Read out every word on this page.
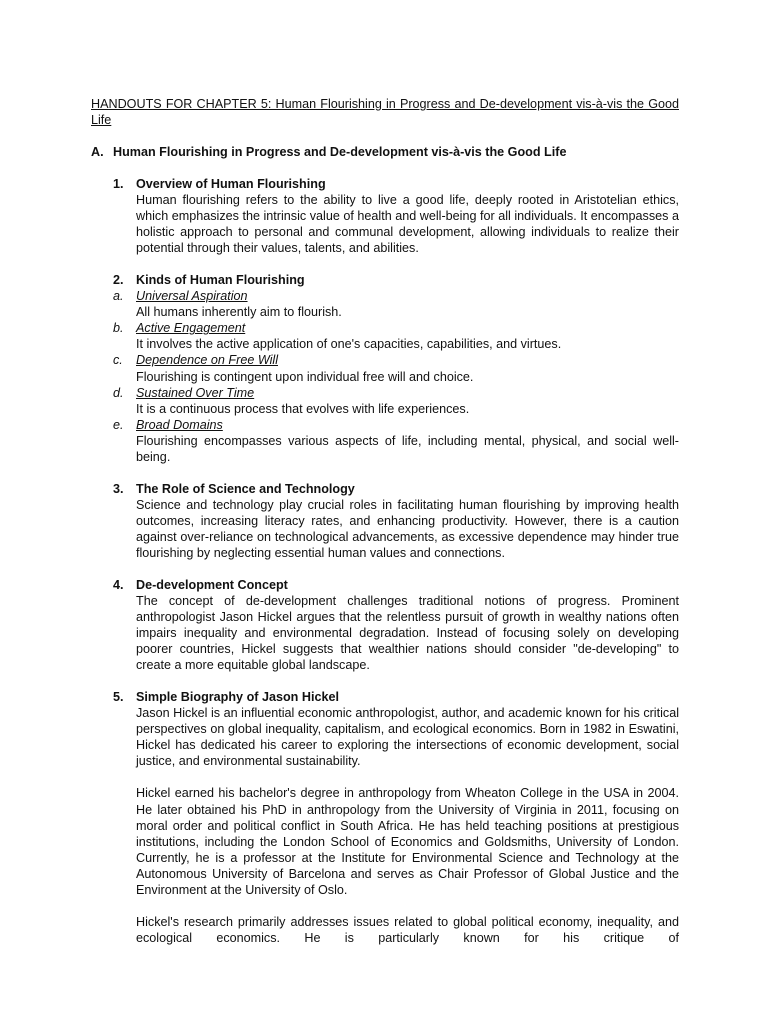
HANDOUTS FOR CHAPTER 5: Human Flourishing in Progress and De-development vis-à-vis the Good Life
A. Human Flourishing in Progress and De-development vis-à-vis the Good Life
1. Overview of Human Flourishing

Human flourishing refers to the ability to live a good life, deeply rooted in Aristotelian ethics, which emphasizes the intrinsic value of health and well-being for all individuals. It encompasses a holistic approach to personal and communal development, allowing individuals to realize their potential through their values, talents, and abilities.

2. Kinds of Human Flourishing
a. Universal Aspiration
All humans inherently aim to flourish.
b. Active Engagement
It involves the active application of one's capacities, capabilities, and virtues.
c.	Dependence on Free Will
Flourishing is contingent upon individual free will and choice.
d. Sustained Over Time
It is a continuous process that evolves with life experiences.
e. Broad Domains
Flourishing encompasses various aspects of life, including mental, physical, and social well-being.
3. The Role of Science and Technology

Science and technology play crucial roles in facilitating human flourishing by improving health outcomes, increasing literacy rates, and enhancing productivity. However, there is a caution against over-reliance on technological advancements, as excessive dependence may hinder true flourishing by neglecting essential human values and connections.

4. De-development Concept

The concept of de-development challenges traditional notions of progress. Prominent anthropologist Jason Hickel argues that the relentless pursuit of growth in wealthy nations often impairs inequality and environmental degradation. Instead of focusing solely on developing poorer countries, Hickel suggests that wealthier nations should consider "de-developing" to create a more equitable global landscape.

5. Simple Biography of Jason Hickel

Jason Hickel is an influential economic anthropologist, author, and academic known for his critical perspectives on global inequality, capitalism, and ecological economics. Born in 1982 in Eswatini, Hickel has dedicated his career to exploring the intersections of economic development, social justice, and environmental sustainability.

Hickel earned his bachelor's degree in anthropology from Wheaton College in the USA in 2004. He later obtained his PhD in anthropology from the University of Virginia in 2011, focusing on moral order and political conflict in South Africa. He has held teaching positions at prestigious institutions, including the London School of Economics and Goldsmiths, University of London. Currently, he is a professor at the Institute for Environmental Science and Technology at the Autonomous University of Barcelona and serves as Chair Professor of Global Justice and the Environment at the University of Oslo.

Hickel's research primarily addresses issues related to global political economy, inequality, and ecological economics. He is particularly known for his critique of
